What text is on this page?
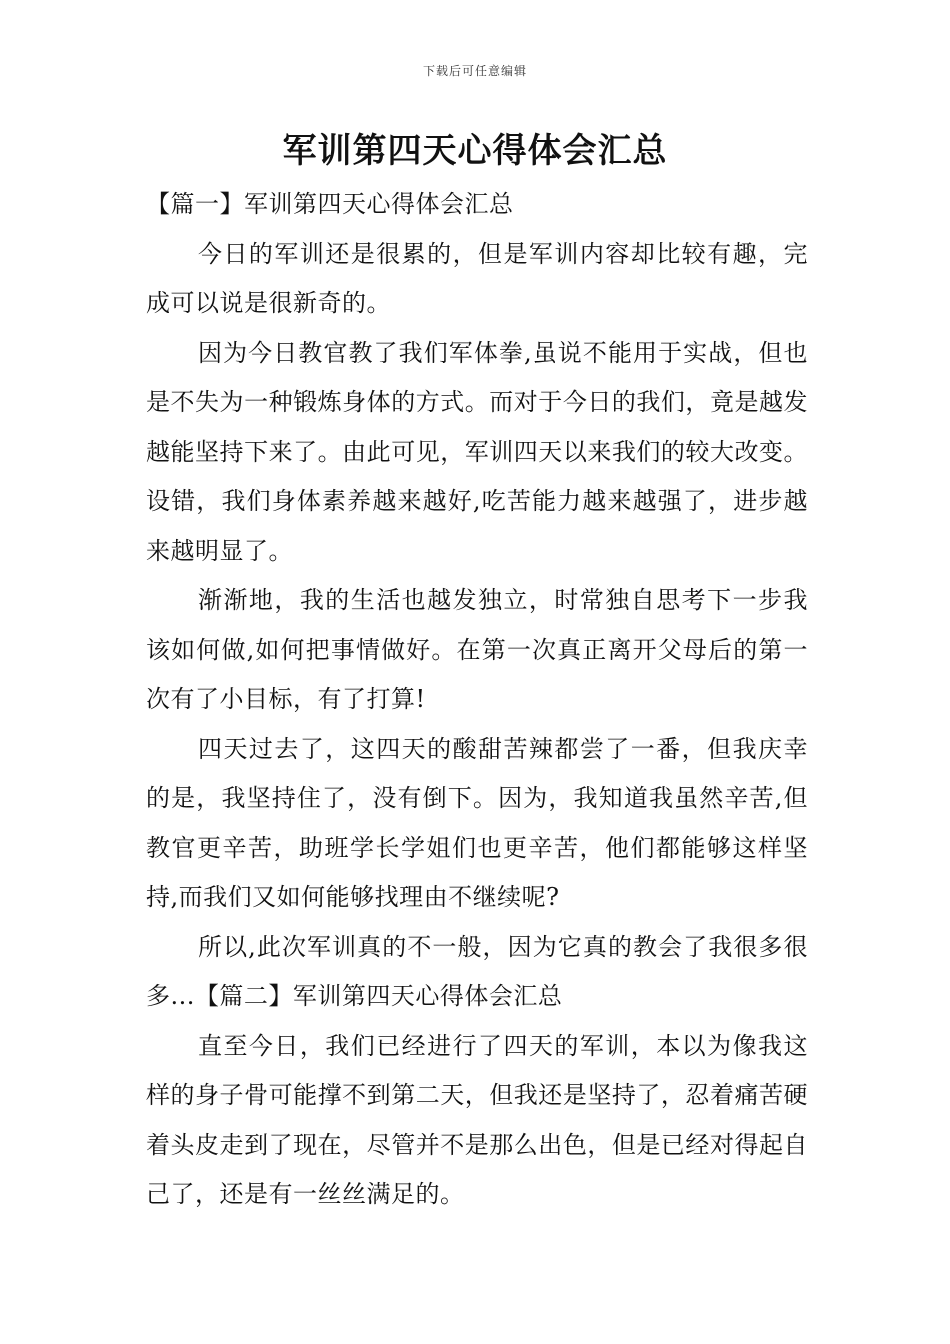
下载后可任意编辑
军训第四天心得体会汇总

【篇一】军训第四天心得体会汇总

今日的军训还是很累的，但是军训内容却比较有趣，完成可以说是很新奇的。

因为今日教官教了我们军体拳,虽说不能用于实战，但也是不失为一种锻炼身体的方式。而对于今日的我们，竟是越发越能坚持下来了。由此可见，军训四天以来我们的较大改变。设错，我们身体素养越来越好,吃苦能力越来越强了，进步越来越明显了。

渐渐地，我的生活也越发独立，时常独自思考下一步我该如何做,如何把事情做好。在第一次真正离开父母后的第一次有了小目标，有了打算!

四天过去了，这四天的酸甜苦辣都尝了一番，但我庆幸的是，我坚持住了，没有倒下。因为，我知道我虽然辛苦,但教官更辛苦，助班学长学姐们也更辛苦，他们都能够这样坚持,而我们又如何能够找理由不继续呢?

所以,此次军训真的不一般，因为它真的教会了我很多很多...【篇二】军训第四天心得体会汇总

直至今日，我们已经进行了四天的军训，本以为像我这样的身子骨可能撑不到第二天，但我还是坚持了，忍着痛苦硬着头皮走到了现在，尽管并不是那么出色，但是已经对得起自己了，还是有一丝丝满足的。
